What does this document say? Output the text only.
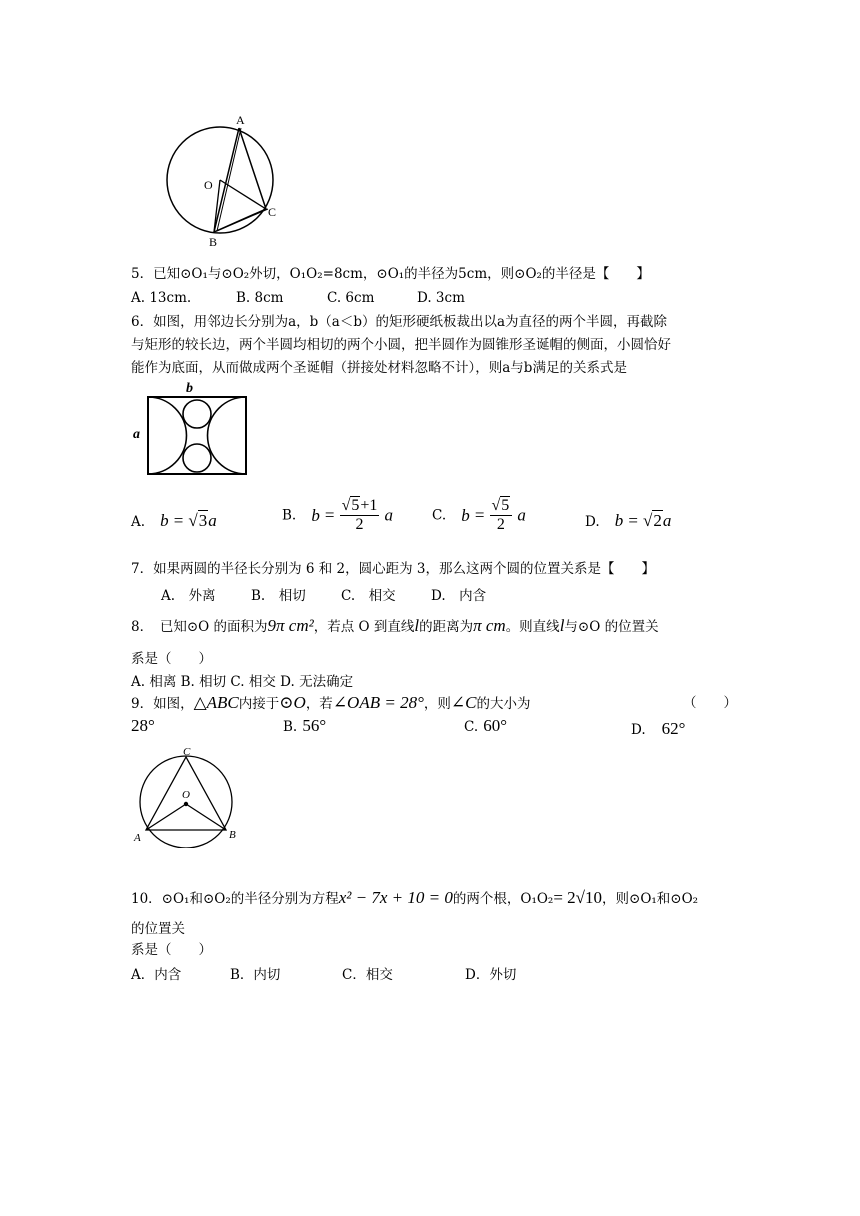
A
O
B
C
5．已知⊙O₁与⊙O₂外切，O₁O₂=8cm，⊙O₁的半径为5cm，则⊙O₂的半径是【　　】
A. 13cm.	B. 8cm	C. 6cm	D. 3cm
6．如图，用邻边长分别为a，b（a＜b）的矩形硬纸板裁出以a为直径的两个半圆，再截除
与矩形的较长边，两个半圆均相切的两个小圆，把半圆作为圆锥形圣诞帽的侧面，小圆恰好
能作为底面，从而做成两个圣诞帽（拼接处材料忽略不计），则a与b满足的关系式是
b
a
A. b = √3a	B. $b = \frac{√5+1}{2}$ a	C. $b = \frac{√5}{2}$ a	D. b = √2a
7．如果两圆的半径长分别为 6 和 2，圆心距为 3，那么这两个圆的位置关系是【　　】
A.　外离	B.　相切	C.　相交	D.　内含
8．　已知⊙O 的面积为9π cm²，若点 O 到直线l的距离为π cm。则直线l与⊙O 的位置关
系是（　　）
A. 相离 B. 相切 C. 相交 D. 无法确定
9．如图，△ABC内接于⊙O，若∠OAB = 28°，则∠C的大小为	（　　）
28°	B. 56°	C. 60°	D.　 62°
C
O
A	B
10．⊙O₁和⊙O₂的半径分别为方程x² − 7x + 10 = 0的两个根，O₁O₂= 2√10，则⊙O₁和⊙O₂
的位置关
系是（　　）
A．内含	B．内切	C．相交	D．外切
